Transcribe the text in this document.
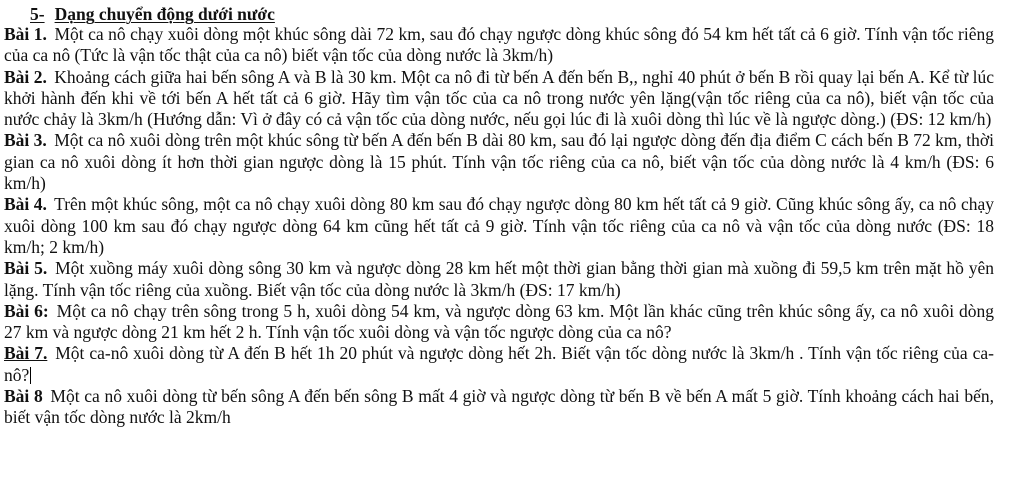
5- Dạng chuyển động dưới nước
Bài 1. Một ca nô chạy xuôi dòng một khúc sông dài 72 km, sau đó chạy ngược dòng khúc sông đó 54 km hết tất cả 6 giờ. Tính vận tốc riêng của ca nô (Tức là vận tốc thật của ca nô) biết vận tốc của dòng nước là 3km/h)
Bài 2. Khoảng cách giữa hai bến sông A và B là 30 km. Một ca nô đi từ bến A đến bến B,, nghỉ 40 phút ở bến B rồi quay lại bến A. Kể từ lúc khởi hành đến khi về tới bến A hết tất cả 6 giờ. Hãy tìm vận tốc của ca nô trong nước yên lặng(vận tốc riêng của ca nô), biết vận tốc của nước chảy là 3km/h (Hướng dẫn: Vì ở đây có cả vận tốc của dòng nước, nếu gọi lúc đi là xuôi dòng thì lúc về là ngược dòng.) (ĐS: 12 km/h)
Bài 3. Một ca nô xuôi dòng trên một khúc sông từ bến A đến bến B dài 80 km, sau đó lại ngược dòng đến địa điểm C cách bến B 72 km, thời gian ca nô xuôi dòng ít hơn thời gian ngược dòng là 15 phút. Tính vận tốc riêng của ca nô, biết vận tốc của dòng nước là 4 km/h (ĐS: 6 km/h)
Bài 4. Trên một khúc sông, một ca nô chạy xuôi dòng 80 km sau đó chạy ngược dòng 80 km hết tất cả 9 giờ. Cũng khúc sông ấy, ca nô chạy xuôi dòng 100 km sau đó chạy ngược dòng 64 km cũng hết tất cả 9 giờ. Tính vận tốc riêng của ca nô và vận tốc của dòng nước (ĐS: 18 km/h; 2 km/h)
Bài 5. Một xuồng máy xuôi dòng sông 30 km và ngược dòng 28 km hết một thời gian bằng thời gian mà xuồng đi 59,5 km trên mặt hồ yên lặng. Tính vận tốc riêng của xuồng. Biết vận tốc của dòng nước là 3km/h (ĐS: 17 km/h)
Bài 6: Một ca nô chạy trên sông trong 5 h, xuôi dòng 54 km, và ngược dòng 63 km. Một lần khác cũng trên khúc sông ấy, ca nô xuôi dòng 27 km và ngược dòng 21 km hết 2 h. Tính vận tốc xuôi dòng và vận tốc ngược dòng của ca nô?
Bài 7. Một ca-nô xuôi dòng từ A đến B hết 1h 20 phút và ngược dòng hết 2h. Biết vận tốc dòng nước là 3km/h . Tính vận tốc riêng của ca-nô?
Bài 8 Một ca nô xuôi dòng từ bến sông A đến bến sông B mất 4 giờ và ngược dòng từ bến B về bến A mất 5 giờ. Tính khoảng cách hai bến, biết vận tốc dòng nước là 2km/h
